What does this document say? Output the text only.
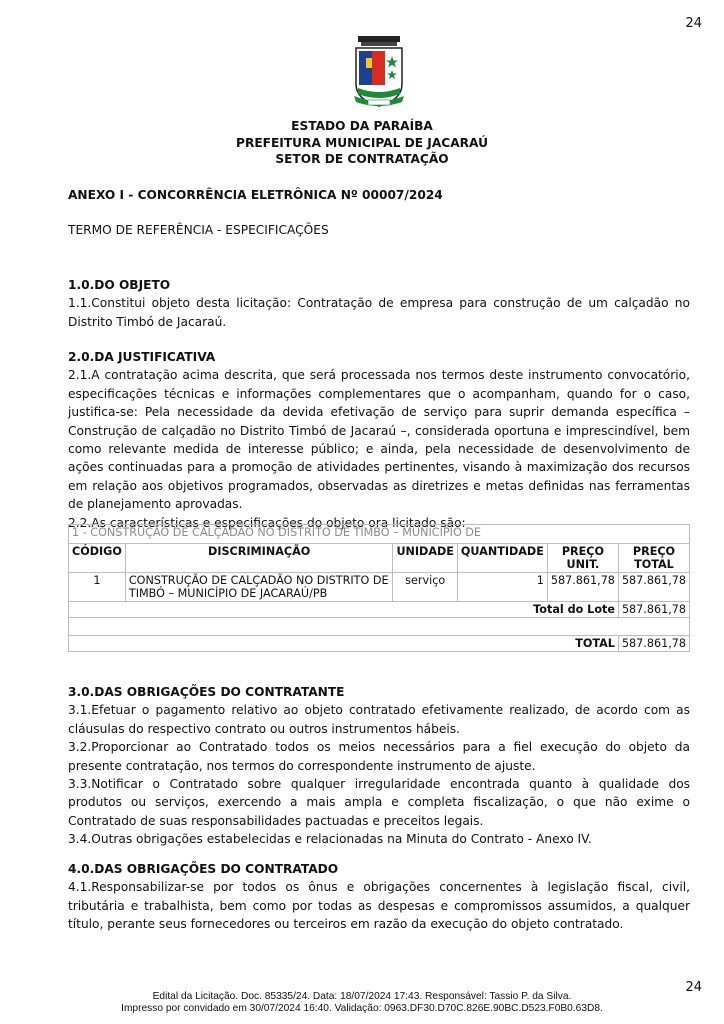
24
ESTADO DA PARAÍBA
PREFEITURA MUNICIPAL DE JACARAÚ
SETOR DE CONTRATAÇÃO
ANEXO I - CONCORRÊNCIA ELETRÔNICA Nº 00007/2024
TERMO DE REFERÊNCIA - ESPECIFICAÇÕES

1.0.DO OBJETO

1.1.Constitui objeto desta licitação: Contratação de empresa para construção de um calçadão no Distrito Timbó de Jacaraú.

2.0.DA JUSTIFICATIVA

2.1.A contratação acima descrita, que será processada nos termos deste instrumento convocatório, especificações técnicas e informações complementares que o acompanham, quando for o caso, justifica-se: Pela necessidade da devida efetivação de serviço para suprir demanda específica – Construção de calçadão no Distrito Timbó de Jacaraú –, considerada oportuna e imprescindível, bem como relevante medida de interesse público; e ainda, pela necessidade de desenvolvimento de ações continuadas para a promoção de atividades pertinentes, visando à maximização dos recursos em relação aos objetivos programados, observadas as diretrizes e metas definidas nas ferramentas de planejamento aprovadas.

2.2.As características e especificações do objeto ora licitado são:

1 - CONSTRUÇÃO DE CALÇADÃO NO DISTRITO DE TIMBÓ – MUNICÍPIO DE					
CÓDIGO	DISCRIMINAÇÃO	UNIDADE	QUANTIDADE	PREÇO UNIT.	PREÇO TOTAL
1	CONSTRUÇÃO DE CALÇADÃO NO DISTRITO DE TIMBÓ – MUNICÍPIO DE JACARAÚ/PB	serviço	1	587.861,78	587.861,78
Total do Lote					587.861,78

TOTAL					587.861,78

3.0.DAS OBRIGAÇÕES DO CONTRATANTE

3.1.Efetuar o pagamento relativo ao objeto contratado efetivamente realizado, de acordo com as cláusulas do respectivo contrato ou outros instrumentos hábeis.

3.2.Proporcionar ao Contratado todos os meios necessários para a fiel execução do objeto da presente contratação, nos termos do correspondente instrumento de ajuste.

3.3.Notificar o Contratado sobre qualquer irregularidade encontrada quanto à qualidade dos produtos ou serviços, exercendo a mais ampla e completa fiscalização, o que não exime o Contratado de suas responsabilidades pactuadas e preceitos legais.

3.4.Outras obrigações estabelecidas e relacionadas na Minuta do Contrato - Anexo IV.

4.0.DAS OBRIGAÇÕES DO CONTRATADO

4.1.Responsabilizar-se por todos os ônus e obrigações concernentes à legislação fiscal, civil, tributária e trabalhista, bem como por todas as despesas e compromissos assumidos, a qualquer título, perante seus fornecedores ou terceiros em razão da execução do objeto contratado.

24
Edital da Licitação. Doc. 85335/24. Data: 18/07/2024 17:43. Responsável: Tassio P. da Silva.
Impresso por convidado em 30/07/2024 16:40. Validação: 0963.DF30.D70C.826E.90BC.D523.F0B0.63D8.
